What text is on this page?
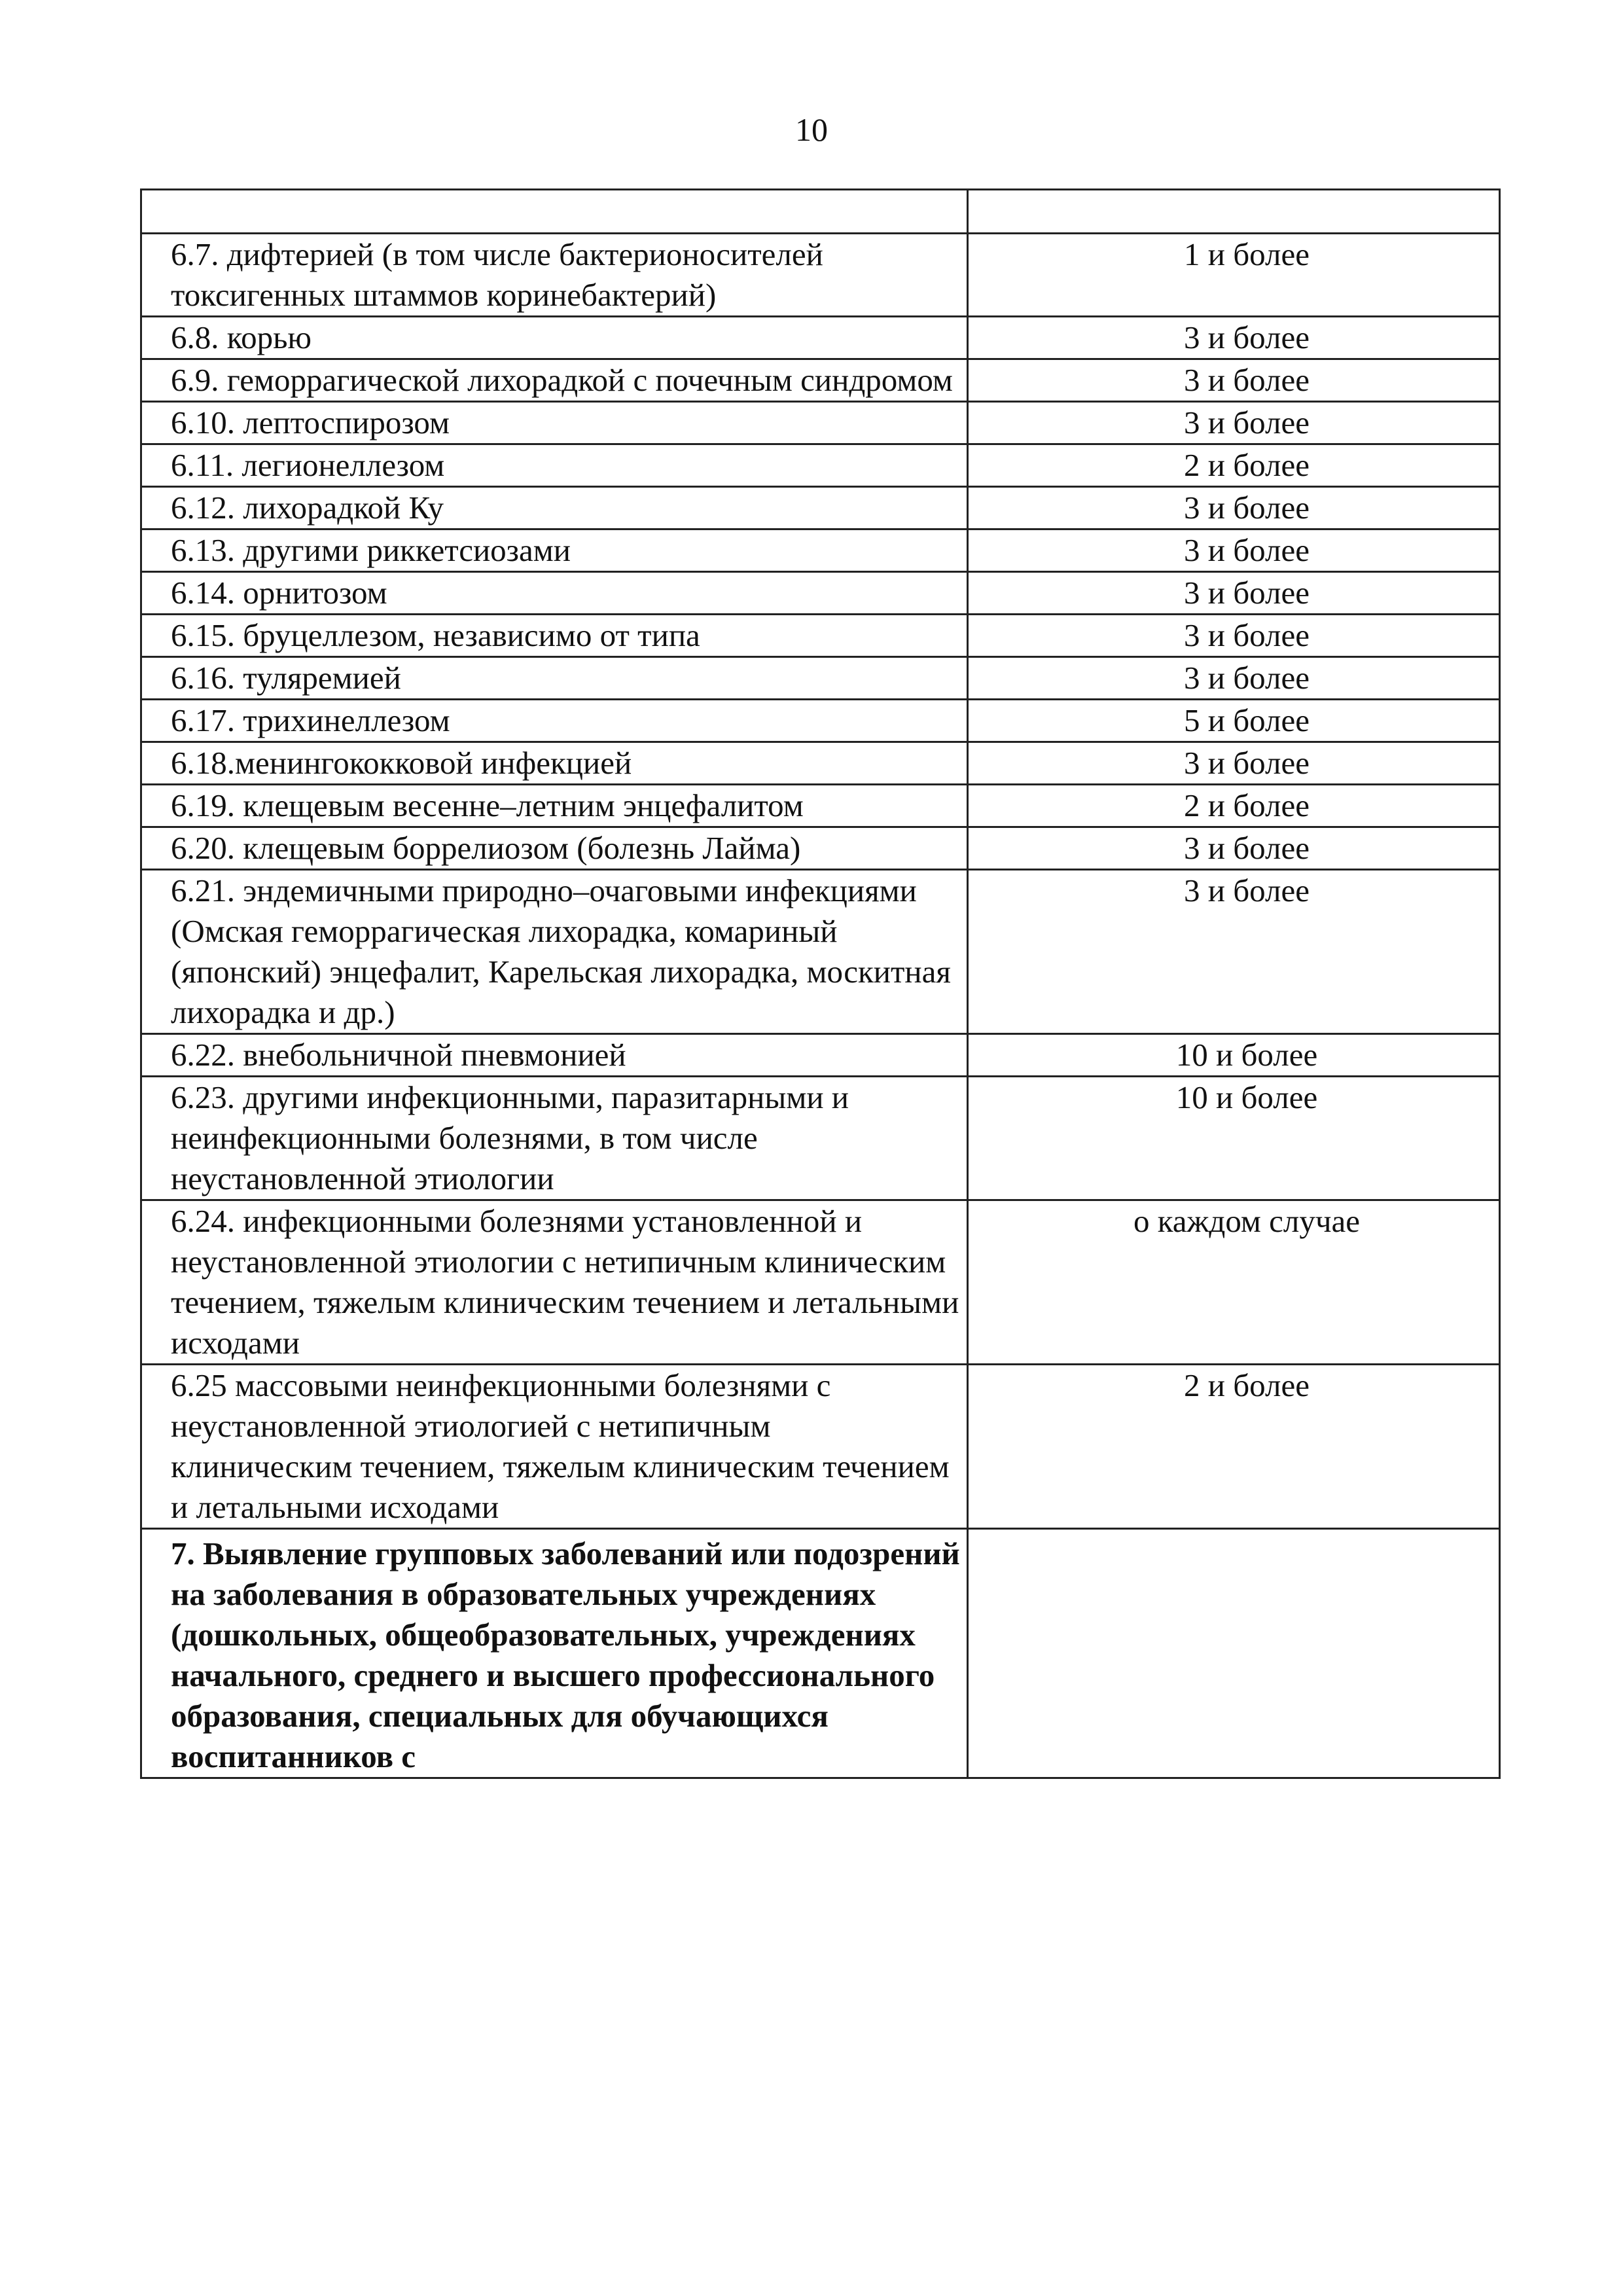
10

6.7. дифтерией (в том числе бактерионосителей токсигенных штаммов коринебактерий)	1 и более
6.8. корью	3 и более
6.9. геморрагической лихорадкой с почечным синдромом	3 и более
6.10. лептоспирозом	3 и более
6.11. легионеллезом	2 и более
6.12. лихорадкой Ку	3 и более
6.13. другими риккетсиозами	3 и более
6.14. орнитозом	3 и более
6.15. бруцеллезом, независимо от типа	3 и более
6.16. туляремией	3 и более
6.17. трихинеллезом	5 и более
6.18.менингококковой инфекцией	3 и более
6.19. клещевым весенне–летним энцефалитом	2 и более
6.20. клещевым боррелиозом (болезнь Лайма)	3 и более
6.21. эндемичными природно–очаговыми инфекциями (Омская геморрагическая лихорадка, комариный (японский) энцефалит, Карельская лихорадка, москитная лихорадка и др.)	3 и более
6.22. внебольничной пневмонией	10 и более
6.23. другими инфекционными, паразитарными и неинфекционными болезнями, в том числе неустановленной этиологии	10 и более
6.24. инфекционными болезнями установленной и неустановленной этиологии с нетипичным клиническим течением, тяжелым клиническим течением и летальными исходами	о каждом случае
6.25 массовыми неинфекционными болезнями с неустановленной этиологией с нетипичным клиническим течением, тяжелым клиническим течением и летальными исходами	2 и более
7. Выявление групповых заболеваний или подозрений на заболевания в образовательных учреждениях (дошкольных, общеобразовательных, учреждениях начального, среднего и высшего профессионального образования, специальных для обучающихся воспитанников с	
